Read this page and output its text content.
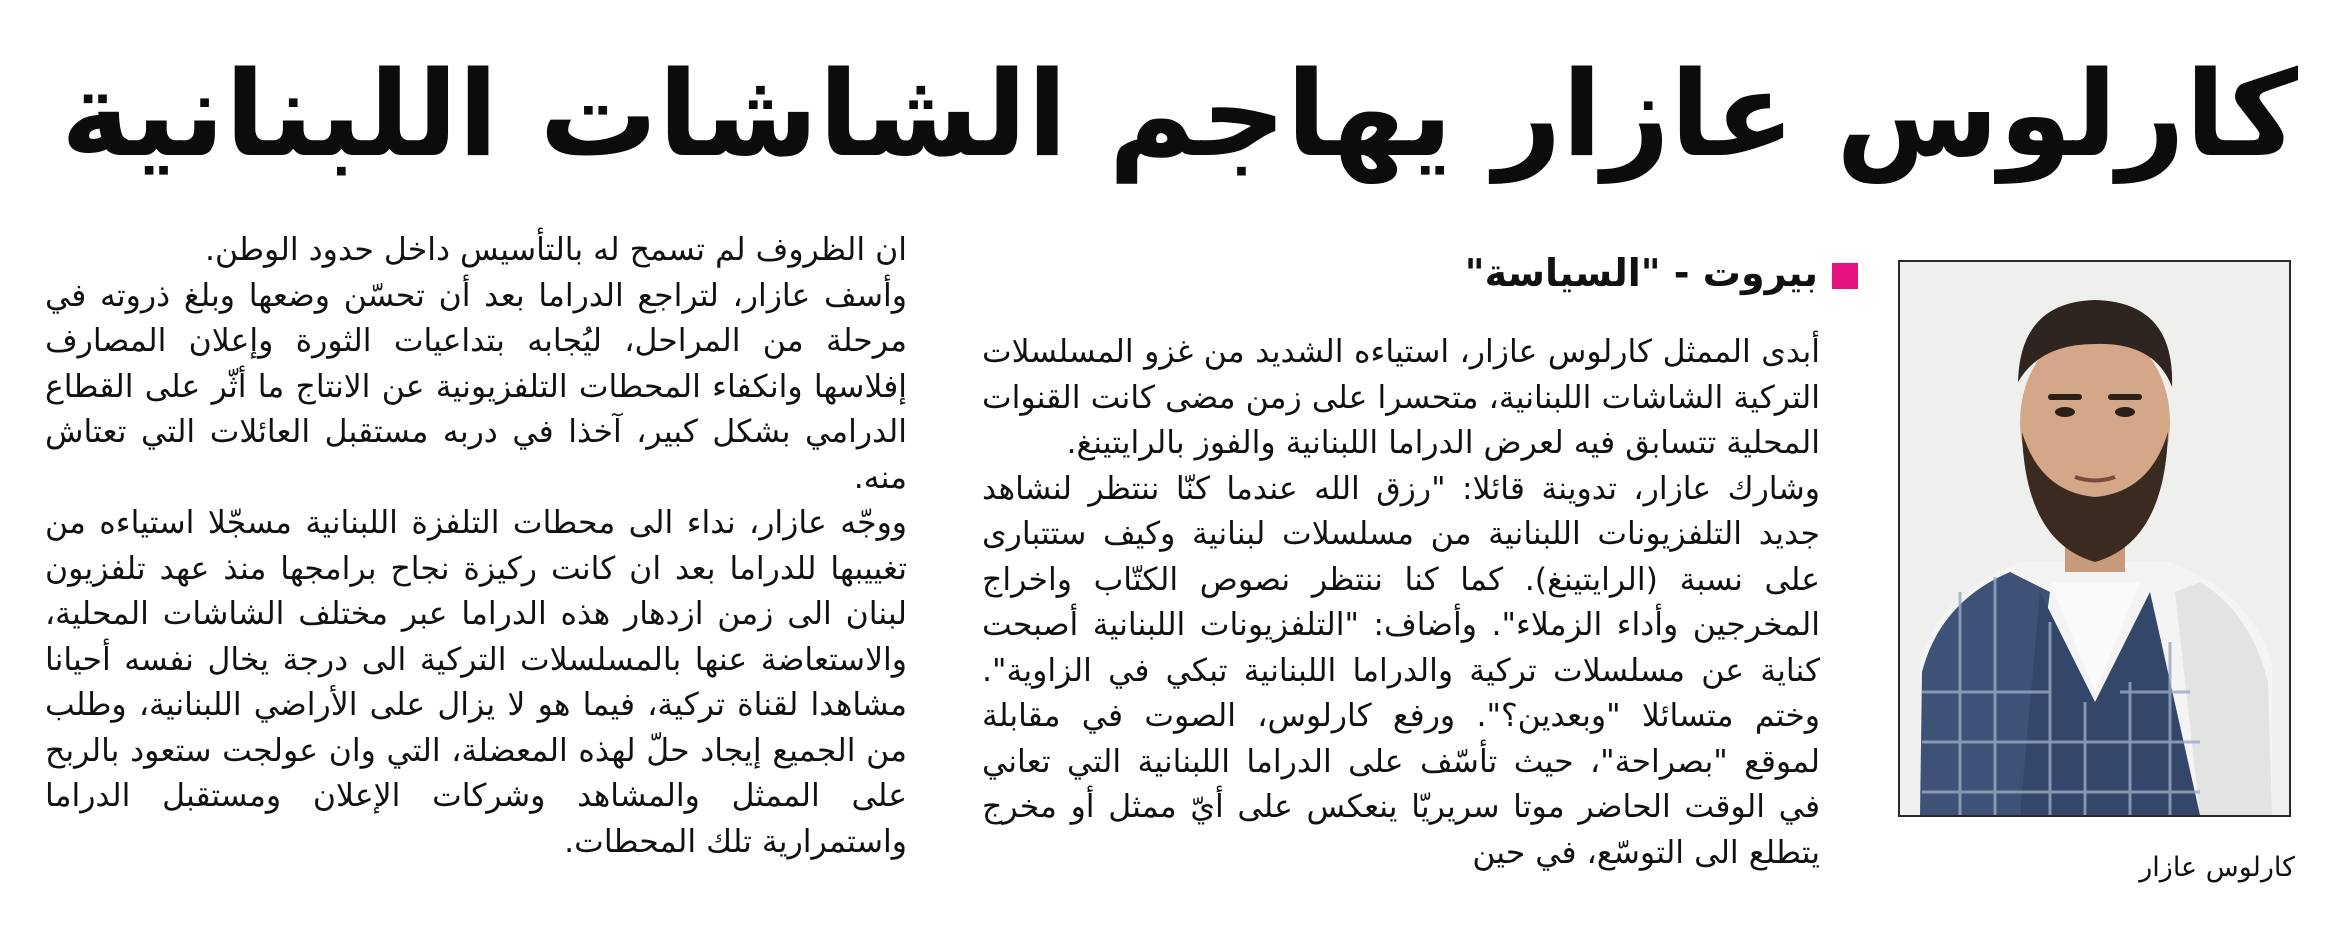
كارلوس عازار يهاجم الشاشات اللبنانية
كارلوس عازار
بيروت - "السياسة"

أبدى الممثل كارلوس عازار، استياءه الشديد من غزو المسلسلات التركية الشاشات اللبنانية، متحسرا على زمن مضى كانت القنوات المحلية تتسابق فيه لعرض الدراما اللبنانية والفوز بالرايتينغ.

وشارك عازار، تدوينة قائلا: "رزق الله عندما كنّا ننتظر لنشاهد جديد التلفزيونات اللبنانية من مسلسلات لبنانية وكيف ستتبارى على نسبة (الرايتينغ). كما كنا ننتظر نصوص الكتّاب واخراج المخرجين وأداء الزملاء". وأضاف: "التلفزيونات اللبنانية أصبحت كناية عن مسلسلات تركية والدراما اللبنانية تبكي في الزاوية". وختم متسائلا "وبعدين؟". ورفع كارلوس، الصوت في مقابلة لموقع "بصراحة"، حيث تأسّف على الدراما اللبنانية التي تعاني في الوقت الحاضر موتا سريريّا ينعكس على أيّ ممثل أو مخرج يتطلع الى التوسّع، في حين

ان الظروف لم تسمح له بالتأسيس داخل حدود الوطن.

وأسف عازار، لتراجع الدراما بعد أن تحسّن وضعها وبلغ ذروته في مرحلة من المراحل، ليُجابه بتداعيات الثورة وإعلان المصارف إفلاسها وانكفاء المحطات التلفزيونية عن الانتاج ما أثّر على القطاع الدرامي بشكل كبير، آخذا في دربه مستقبل العائلات التي تعتاش منه.

ووجّه عازار، نداء الى محطات التلفزة اللبنانية مسجّلا استياءه من تغييبها للدراما بعد ان كانت ركيزة نجاح برامجها منذ عهد تلفزيون لبنان الى زمن ازدهار هذه الدراما عبر مختلف الشاشات المحلية، والاستعاضة عنها بالمسلسلات التركية الى درجة يخال نفسه أحيانا مشاهدا لقناة تركية، فيما هو لا يزال على الأراضي اللبنانية، وطلب من الجميع إيجاد حلّ لهذه المعضلة، التي وان عولجت ستعود بالربح على الممثل والمشاهد وشركات الإعلان ومستقبل الدراما واستمرارية تلك المحطات.
